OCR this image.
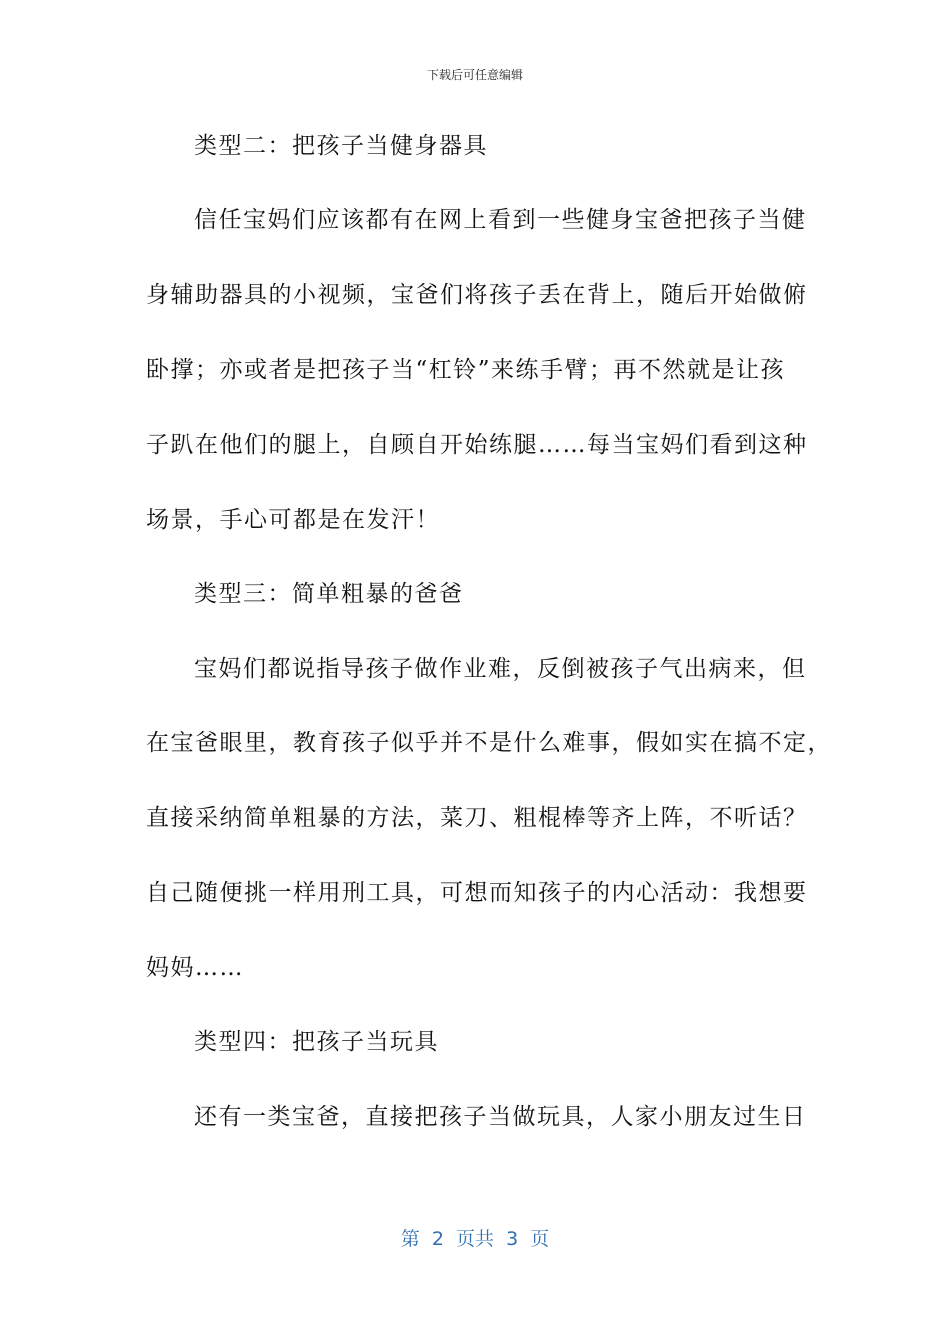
下载后可任意编辑
类型二：把孩子当健身器具
信任宝妈们应该都有在网上看到一些健身宝爸把孩子当健
身辅助器具的小视频，宝爸们将孩子丢在背上，随后开始做俯
卧撑；亦或者是把孩子当“杠铃”来练手臂；再不然就是让孩
子趴在他们的腿上，自顾自开始练腿……每当宝妈们看到这种
场景，手心可都是在发汗！
类型三：简单粗暴的爸爸
宝妈们都说指导孩子做作业难，反倒被孩子气出病来，但
在宝爸眼里，教育孩子似乎并不是什么难事，假如实在搞不定，
直接采纳简单粗暴的方法，菜刀、粗棍棒等齐上阵，不听话？
自己随便挑一样用刑工具，可想而知孩子的内心活动：我想要
妈妈……
类型四：把孩子当玩具
还有一类宝爸，直接把孩子当做玩具，人家小朋友过生日
第  2  页共  3  页
